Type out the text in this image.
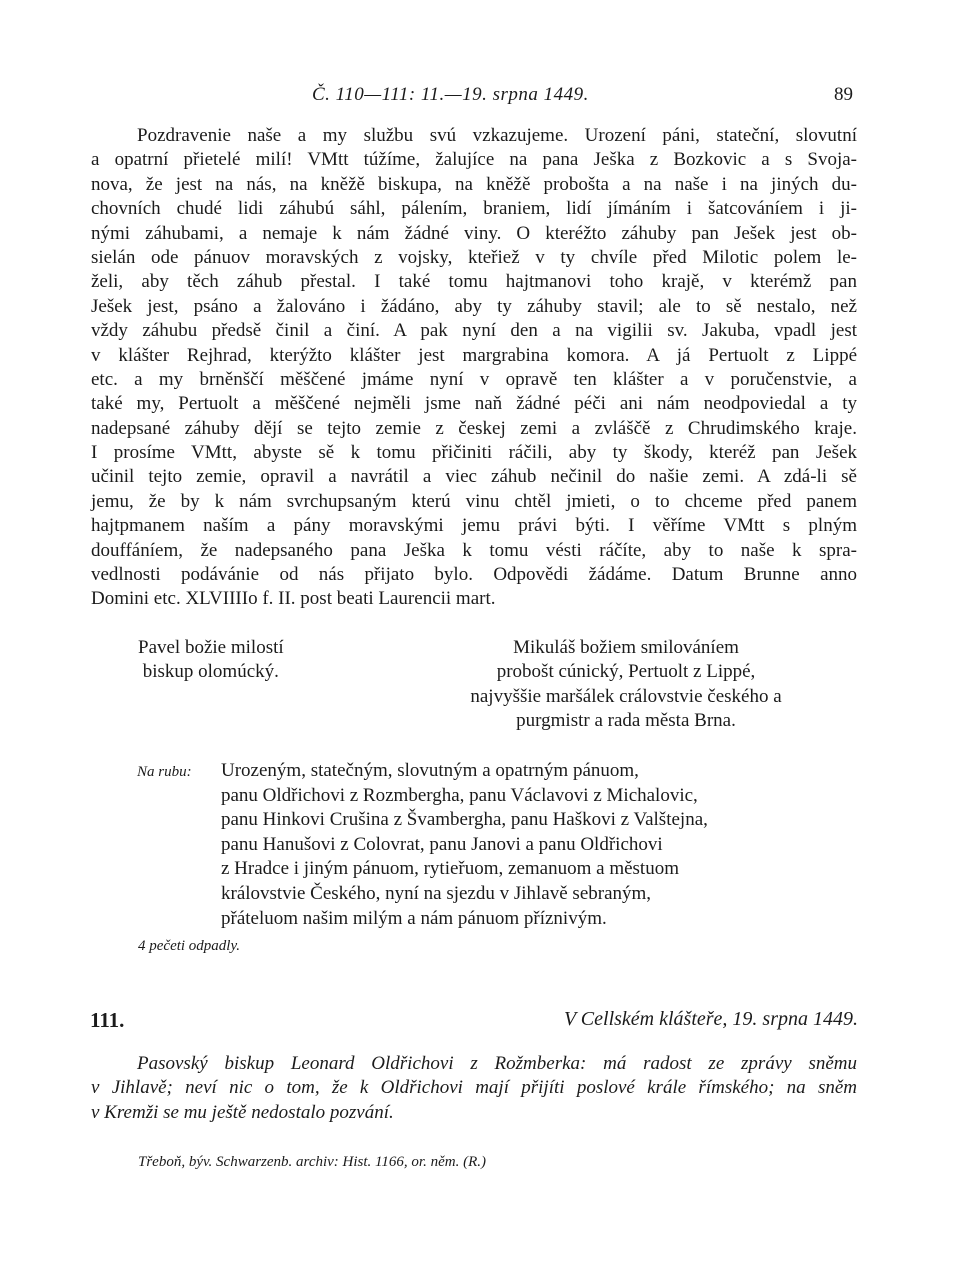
Č. 110—111: 11.—19. srpna 1449.	89
Pozdravenie naše a my službu svú vzkazujeme. Urození páni, stateční, slovutní
a opatrní přietelé milí! VMtt túžíme, žalujíce na pana Ješka z Bozkovic a s Svoja-
nova, že jest na nás, na kněžě biskupa, na kněžě proboštа a na naše i na jiných du-
chovních chudé lidi záhubú sáhl, pálením, braniem, lidí jímáním i šatcováníem i ji-
nými záhubami, a nemaje k nám žádné viny. O kteréžto záhuby pan Ješek jest ob-
sielán ode pánuov moravských z vojsky, kteřiež v ty chvíle před Milotic polem le-
želi, aby těch záhub přestal. I také tomu hajtmanovi toho krajě, v kterémž pan
Ješek jest, psáno a žalováno i žádáno, aby ty záhuby stavil; ale to sě nestalo, než
vždy záhubu předsě činil a činí. A pak nyní den a na vigilii sv. Jakuba, vpadl jest
v klášter Rejhrad, kterýžto klášter jest margrabina komora. A já Pertuolt z Lippé
etc. a my brněnščí měščené jmáme nyní v opravě ten klášter a v poručenstvie, a
také my, Pertuolt a měščené nejměli jsme naň žádné péči ani nám neodpoviedal a ty
nadepsané záhuby dějí se tejto zemie z českej zemi a zvláščě z Chrudimského kraje.
I prosíme VMtt, abyste sě k tomu přičiniti ráčili, aby ty škody, kteréž pan Ješek
učinil tejto zemie, opravil a navrátil a viec záhub nečinil do našie zemi. A zdá-li sě
jemu, že by k nám svrchupsaným kterú vinu chtěl jmieti, o to chceme před panem
hajtpmanem naším a pány moravskými jemu právi býti. I věříme VMtt s plným
douffáníem, že nadepsaného pana Ješka k tomu vésti ráčíte, aby to naše k spra-
vedlnosti podávánie od nás přijato bylo. Odpovědi žádáme. Datum Brunne anno
Domini etc. XLVIIIIo f. II. post beati Laurencii mart.
Pavel božie milostí
biskup olomúcký.
Mikuláš božiem smilováníem
probošt cúnický, Pertuolt z Lippé,
najvyššie maršálek crálovstvie českého a
purgmistr a rada města Brna.
Na rubu: Urozeným, statečným, slovutným a opatrným pánuom,
panu Oldřichovi z Rozmbergha, panu Václavovi z Michalovic,
panu Hinkovi Crušina z Švambergha, panu Haškovi z Valštejna,
panu Hanušovi z Colovrat, panu Janovi a panu Oldřichovi
z Hradce i jiným pánuom, rytieřuom, zemanuom a městuom
královstvie Českého, nyní na sjezdu v Jihlavě sebraným,
přáteluom našim milým a nám pánuom příznivým.
4 pečeti odpadly.
111.	V Cellském klášteře, 19. srpna 1449.
Pasovský biskup Leonard Oldřichovi z Rožmberka: má radost ze zprávy sněmu
v Jihlavě; neví nic o tom, že k Oldřichovi mají přijíti poslové krále římského; na sněm
v Kremži se mu ještě nedostalo pozvání.
Třeboň, býv. Schwarzenb. archiv: Hist. 1166, or. něm. (R.)
